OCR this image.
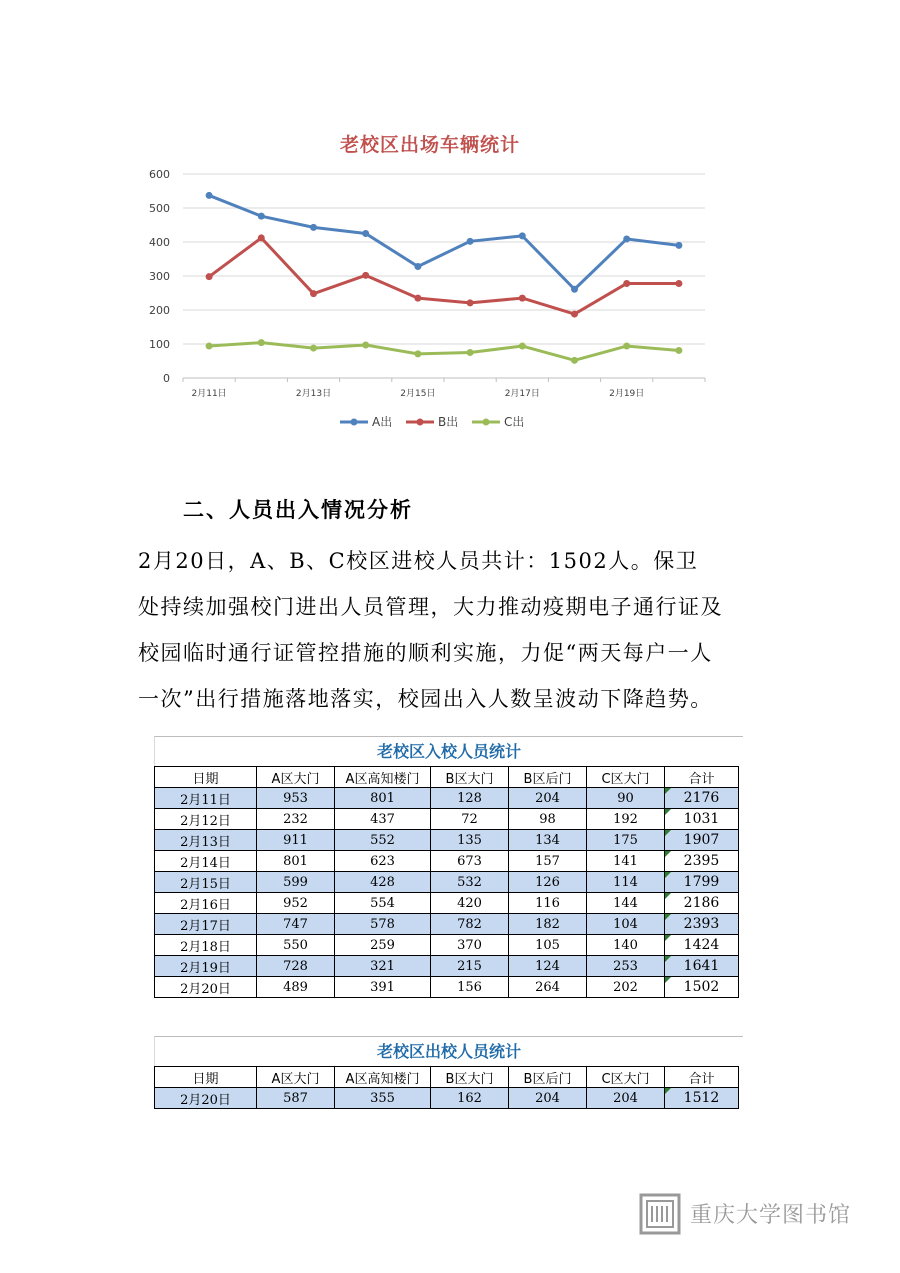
老校区出场车辆统计
0
100
200
300
400
500
600
2月11日	2月13日	2月15日	2月17日	2月19日
A出	B出	C出
二、人员出入情况分析

2月20日，A、B、C校区进校人员共计：1502人。保卫

处持续加强校门进出人员管理，大力推动疫期电子通行证及

校园临时通行证管控措施的顺利实施，力促“两天每户一人

一次”出行措施落地落实，校园出入人数呈波动下降趋势。

老校区入校人员统计
日期	A区大门	A区高知楼门	B区大门	B区后门	C区大门	合计
2月11日	953	801	128	204	90	2176
2月12日	232	437	72	98	192	1031
2月13日	911	552	135	134	175	1907
2月14日	801	623	673	157	141	2395
2月15日	599	428	532	126	114	1799
2月16日	952	554	420	116	144	2186
2月17日	747	578	782	182	104	2393
2月18日	550	259	370	105	140	1424
2月19日	728	321	215	124	253	1641
2月20日	489	391	156	264	202	1502
老校区出校人员统计
日期	A区大门	A区高知楼门	B区大门	B区后门	C区大门	合计
2月20日	587	355	162	204	204	1512
重庆大学图书馆
